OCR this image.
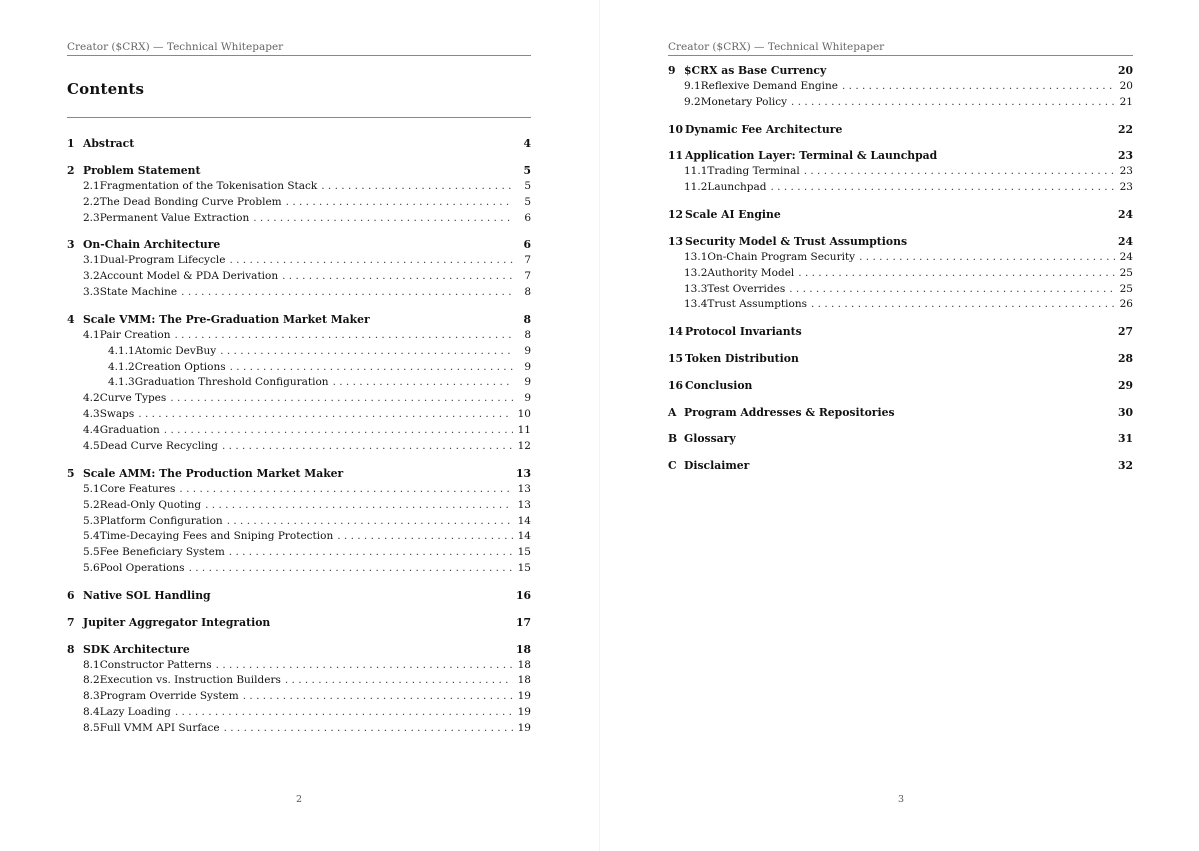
Creator ($CRX) — Technical Whitepaper
Contents
1 Abstract	4
2 Problem Statement	5
2.1 Fragmentation of the Tokenisation Stack . . .	5
2.2 The Dead Bonding Curve Problem . . .	5
2.3 Permanent Value Extraction . . .	6
3 On-Chain Architecture	6
3.1 Dual-Program Lifecycle . . .	7
3.2 Account Model & PDA Derivation . . .	7
3.3 State Machine . . .	8
4 Scale VMM: The Pre-Graduation Market Maker	8
4.1 Pair Creation . . .	8
4.1.1 Atomic DevBuy . . .	9
4.1.2 Creation Options . . .	9
4.1.3 Graduation Threshold Configuration . . .	9
4.2 Curve Types . . .	9
4.3 Swaps . . .	10
4.4 Graduation . . .	11
4.5 Dead Curve Recycling . . .	12
5 Scale AMM: The Production Market Maker	13
5.1 Core Features . . .	13
5.2 Read-Only Quoting . . .	13
5.3 Platform Configuration . . .	14
5.4 Time-Decaying Fees and Sniping Protection . . .	14
5.5 Fee Beneficiary System . . .	15
5.6 Pool Operations . . .	15
6 Native SOL Handling	16
7 Jupiter Aggregator Integration	17
8 SDK Architecture	18
8.1 Constructor Patterns . . .	18
8.2 Execution vs. Instruction Builders . . .	18
8.3 Program Override System . . .	19
8.4 Lazy Loading . . .	19
8.5 Full VMM API Surface . . .	19
2
Creator ($CRX) — Technical Whitepaper
9 $CRX as Base Currency	20
9.1 Reflexive Demand Engine . . .	20
9.2 Monetary Policy . . .	21
10 Dynamic Fee Architecture	22
11 Application Layer: Terminal & Launchpad	23
11.1 Trading Terminal . . .	23
11.2 Launchpad . . .	23
12 Scale AI Engine	24
13 Security Model & Trust Assumptions	24
13.1 On-Chain Program Security . . .	24
13.2 Authority Model . . .	25
13.3 Test Overrides . . .	25
13.4 Trust Assumptions . . .	26
14 Protocol Invariants	27
15 Token Distribution	28
16 Conclusion	29
A Program Addresses & Repositories	30
B Glossary	31
C Disclaimer	32
3
